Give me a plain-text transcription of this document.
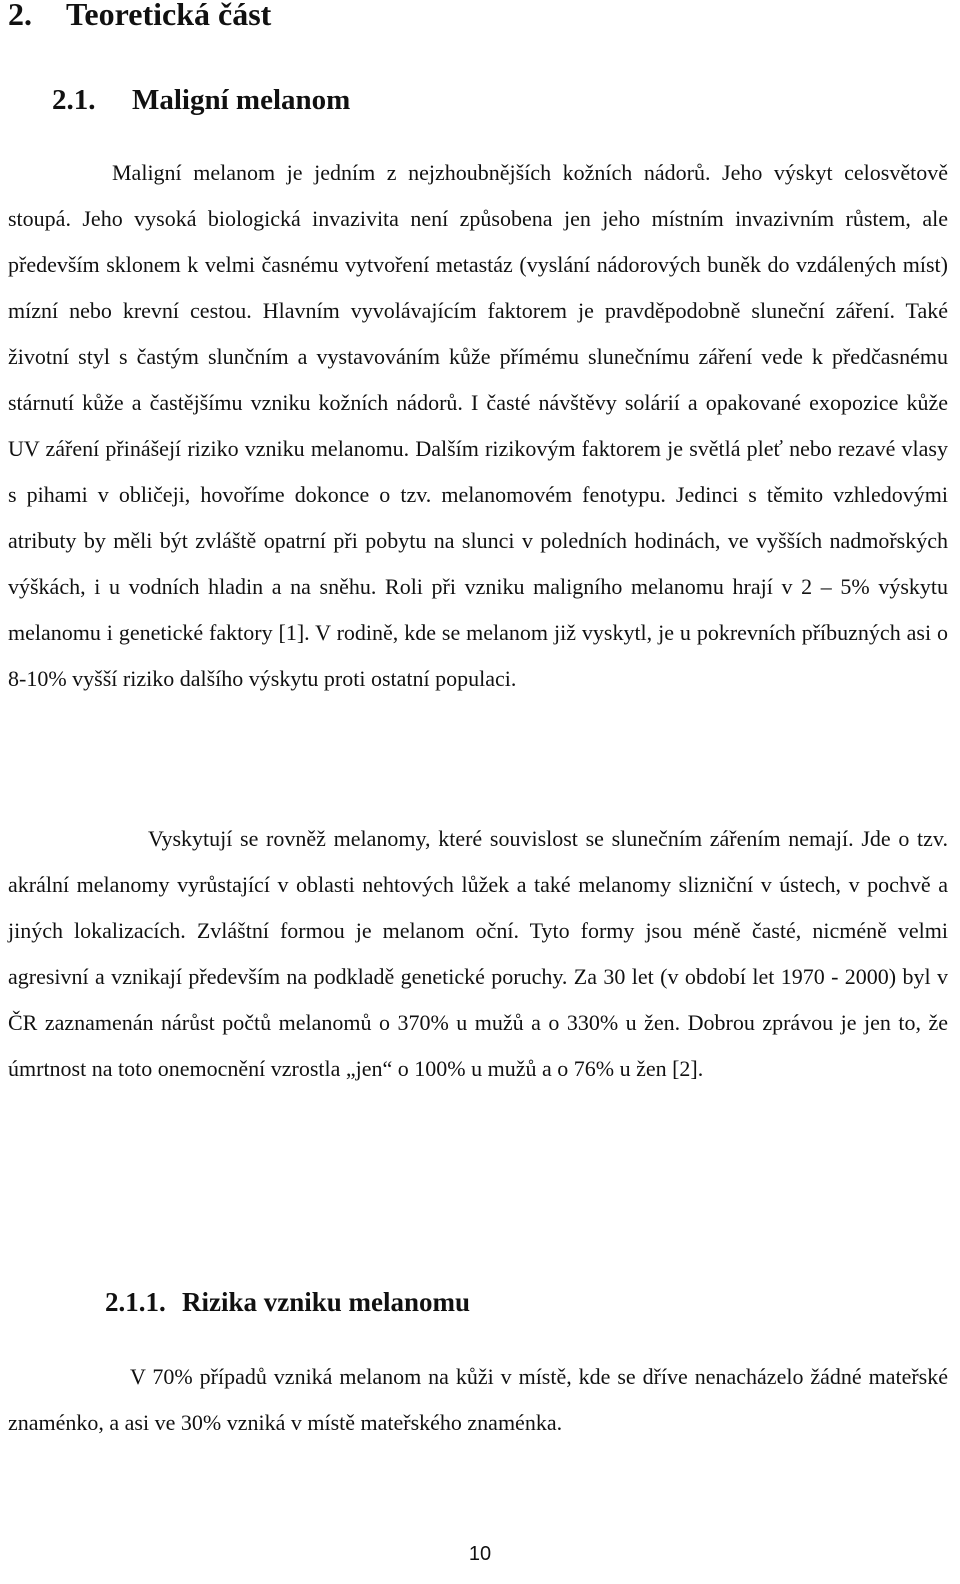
2. Teoretická část
2.1. Maligní melanom

Maligní melanom je jedním z nejzhoubnějších kožních nádorů. Jeho výskyt celosvětově stoupá. Jeho vysoká biologická invazivita není způsobena jen jeho místním invazivním růstem, ale především sklonem k velmi časnému vytvoření metastáz (vyslání nádorových buněk do vzdálených míst) mízní nebo krevní cestou. Hlavním vyvolávajícím faktorem je pravděpodobně sluneční záření. Také životní styl s častým slunčním a vystavováním kůže přímému slunečnímu záření vede k předčasnému stárnutí kůže a častějšímu vzniku kožních nádorů. I časté návštěvy solárií a opakované exopozice kůže UV záření přinášejí riziko vzniku melanomu. Dalším rizikovým faktorem je světlá pleť nebo rezavé vlasy s pihami v obličeji, hovoříme dokonce o tzv. melanomovém fenotypu. Jedinci s těmito vzhledovými atributy by měli být zvláště opatrní při pobytu na slunci v poledních hodinách, ve vyšších nadmořských výškách, i u vodních hladin a na sněhu. Roli při vzniku maligního melanomu hrají v 2 – 5% výskytu melanomu i genetické faktory [1]. V rodině, kde se melanom již vyskytl, je u pokrevních příbuzných asi o 8-10% vyšší riziko dalšího výskytu proti ostatní populaci.

Vyskytují se rovněž melanomy, které souvislost se slunečním zářením nemají. Jde o tzv. akrální melanomy vyrůstající v oblasti nehtových lůžek a také melanomy slizniční v ústech, v pochvě a jiných lokalizacích. Zvláštní formou je melanom oční. Tyto formy jsou méně časté, nicméně velmi agresivní a vznikají především na podkladě genetické poruchy. Za 30 let (v období let 1970 - 2000) byl v ČR zaznamenán nárůst počtů melanomů o 370% u mužů a o 330% u žen. Dobrou zprávou je jen to, že úmrtnost na toto onemocnění vzrostla „jen“ o 100% u mužů a o 76% u žen [2].

2.1.1. Rizika vzniku melanomu

V 70% případů vzniká melanom na kůži v místě, kde se dříve nenacházelo žádné mateřské znaménko, a asi ve 30% vzniká v místě mateřského znaménka.

10
